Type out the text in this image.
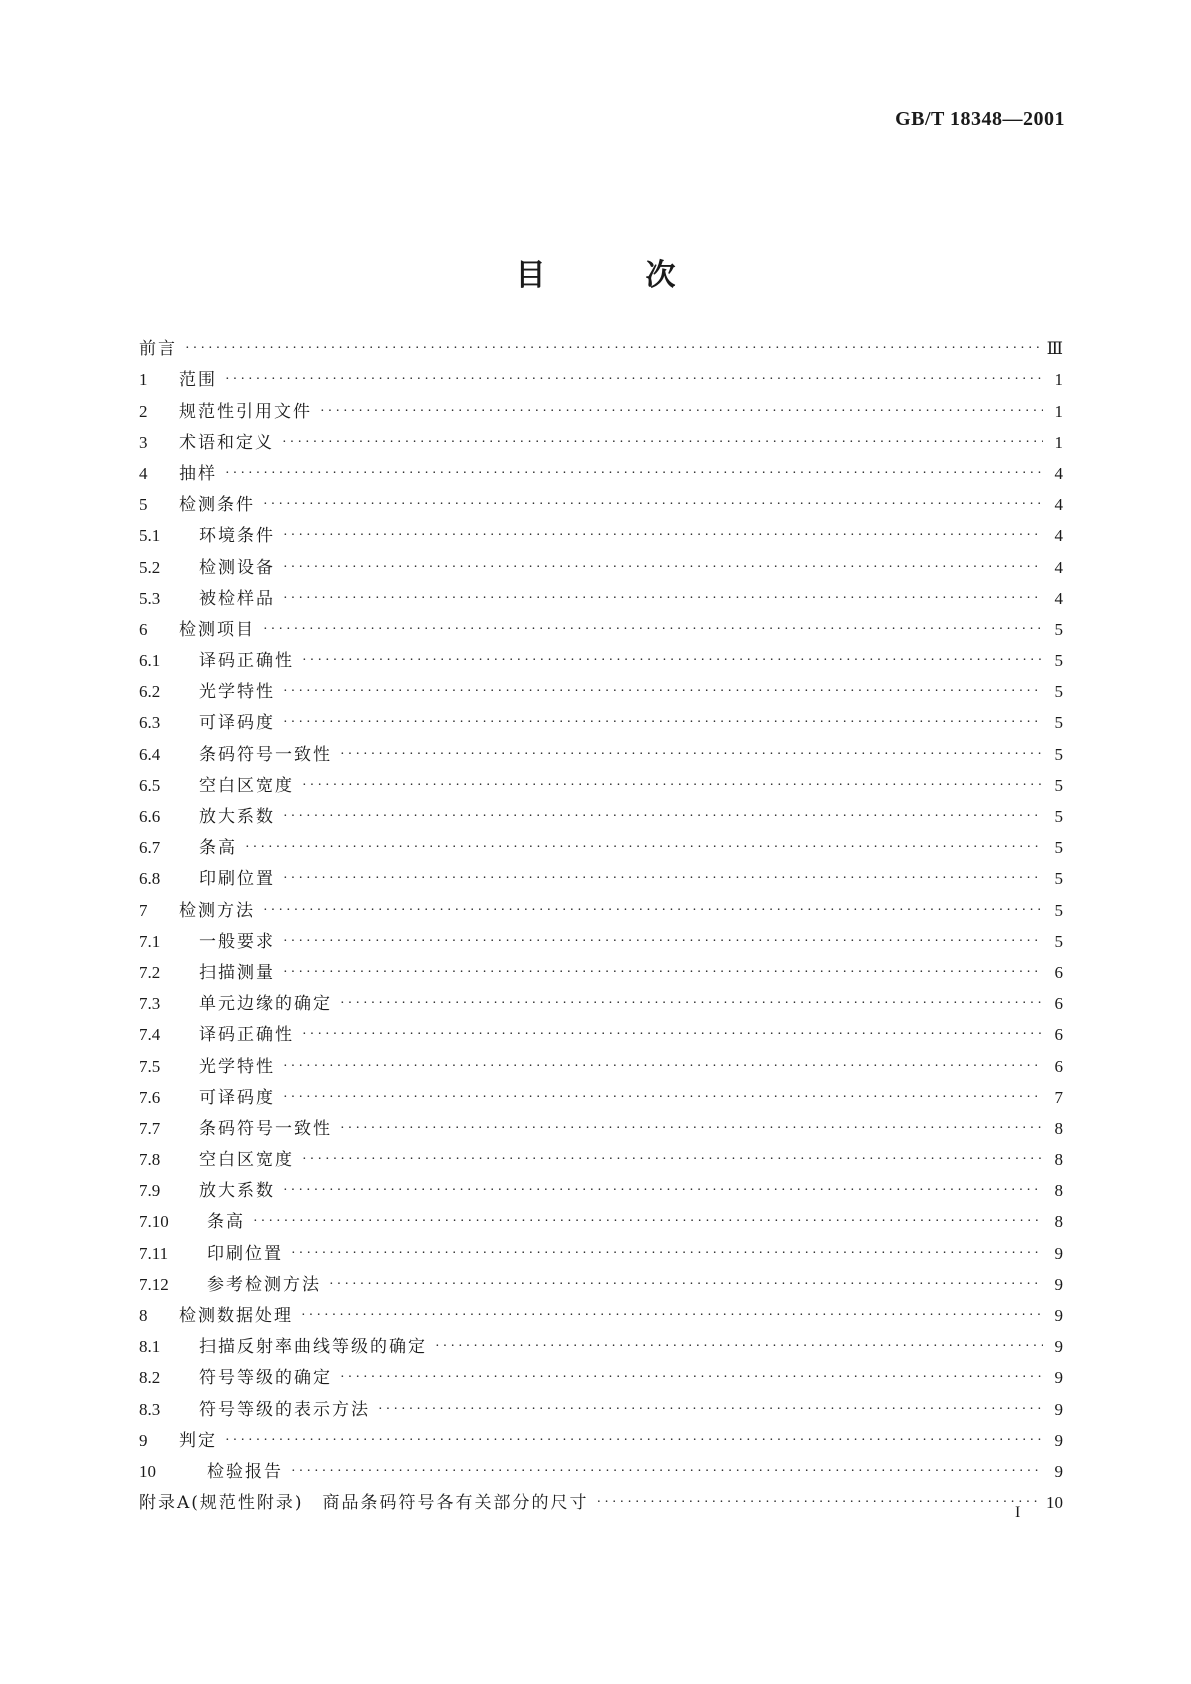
GB/T 18348—2001
目	次
前言 ·····	Ⅲ
1	范围 ·····	1
2	规范性引用文件 ·····	1
3	术语和定义 ·····	1
4	抽样 ·····	4
5	检测条件 ·····	4
5.1	环境条件 ·····	4
5.2	检测设备 ·····	4
5.3	被检样品 ·····	4
6	检测项目 ·····	5
6.1	译码正确性 ·····	5
6.2	光学特性 ·····	5
6.3	可译码度 ·····	5
6.4	条码符号一致性 ·····	5
6.5	空白区宽度 ·····	5
6.6	放大系数 ·····	5
6.7	条高 ·····	5
6.8	印刷位置 ·····	5
7	检测方法 ·····	5
7.1	一般要求 ·····	5
7.2	扫描测量 ·····	6
7.3	单元边缘的确定 ·····	6
7.4	译码正确性 ·····	6
7.5	光学特性 ·····	6
7.6	可译码度 ·····	7
7.7	条码符号一致性 ·····	8
7.8	空白区宽度 ·····	8
7.9	放大系数 ·····	8
7.10	条高 ·····	8
7.11	印刷位置 ·····	9
7.12	参考检测方法 ·····	9
8	检测数据处理 ·····	9
8.1	扫描反射率曲线等级的确定 ·····	9
8.2	符号等级的确定 ·····	9
8.3	符号等级的表示方法 ·····	9
9	判定 ·····	9
10	检验报告 ·····	9
附录A(规范性附录)　商品条码符号各有关部分的尺寸 ·····	10
I
